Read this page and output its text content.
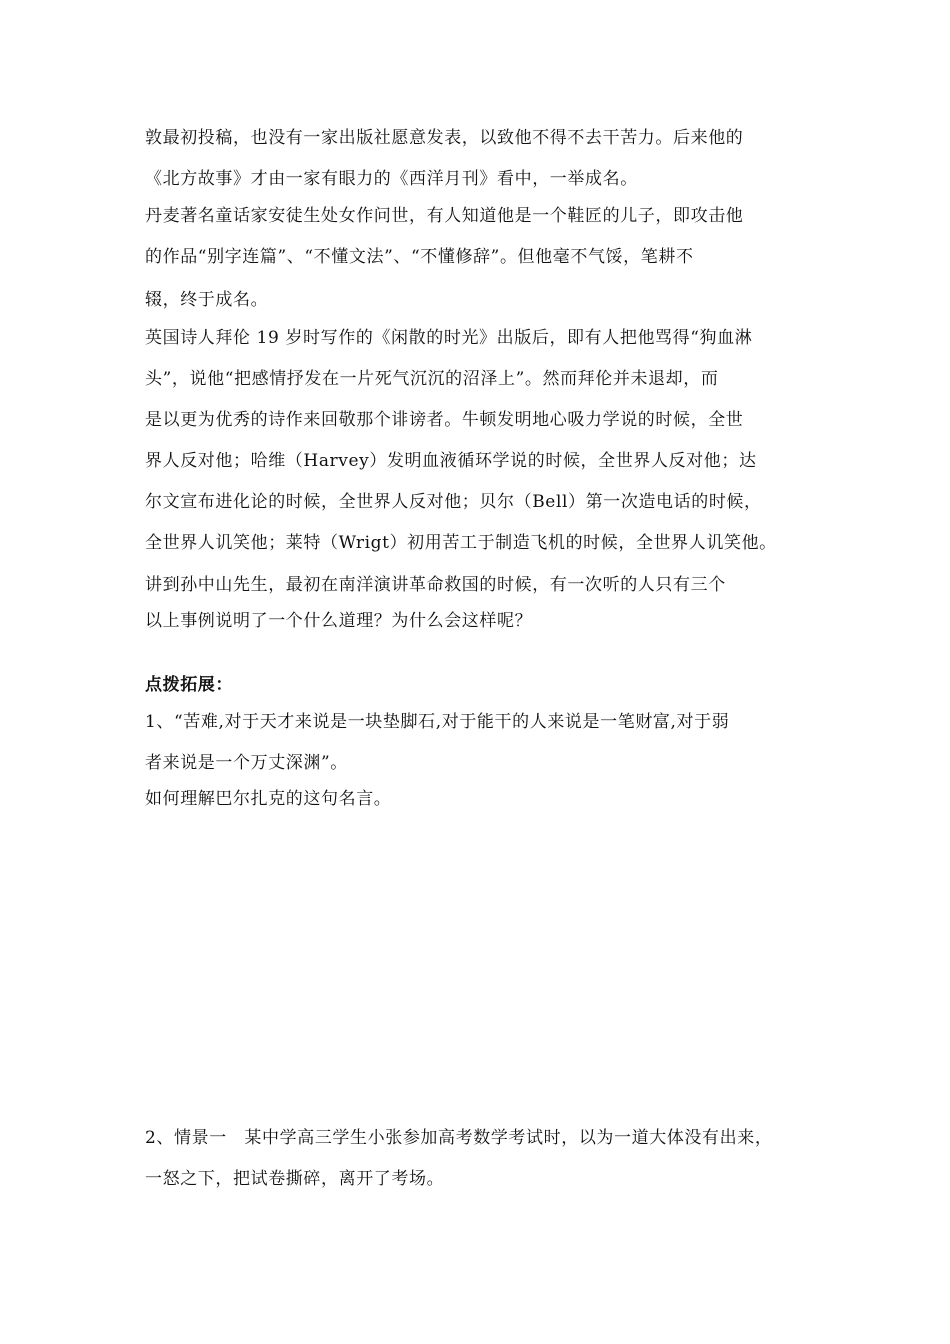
敦最初投稿，也没有一家出版社愿意发表，以致他不得不去干苦力。后来他的
《北方故事》才由一家有眼力的《西洋月刊》看中，一举成名。
丹麦著名童话家安徒生处女作问世，有人知道他是一个鞋匠的儿子，即攻击他
的作品“别字连篇”、“不懂文法”、“不懂修辞”。但他毫不气馁，笔耕不
辍，终于成名。
英国诗人拜伦 19 岁时写作的《闲散的时光》出版后，即有人把他骂得“狗血淋
头”，说他“把感情抒发在一片死气沉沉的沼泽上”。然而拜伦并未退却，而
是以更为优秀的诗作来回敬那个诽谤者。牛顿发明地心吸力学说的时候，全世
界人反对他；哈维（Harvey）发明血液循环学说的时候，全世界人反对他；达
尔文宣布进化论的时候，全世界人反对他；贝尔（Bell）第一次造电话的时候，
全世界人讥笑他；莱特（Wrigt）初用苦工于制造飞机的时候，全世界人讥笑他。
讲到孙中山先生，最初在南洋演讲革命救国的时候，有一次听的人只有三个
以上事例说明了一个什么道理？为什么会这样呢？
点拨拓展：
1、“苦难,对于天才来说是一块垫脚石,对于能干的人来说是一笔财富,对于弱
者来说是一个万丈深渊”。
如何理解巴尔扎克的这句名言。
2、情景一　某中学高三学生小张参加高考数学考试时，以为一道大体没有出来，
一怒之下，把试卷撕碎，离开了考场。
